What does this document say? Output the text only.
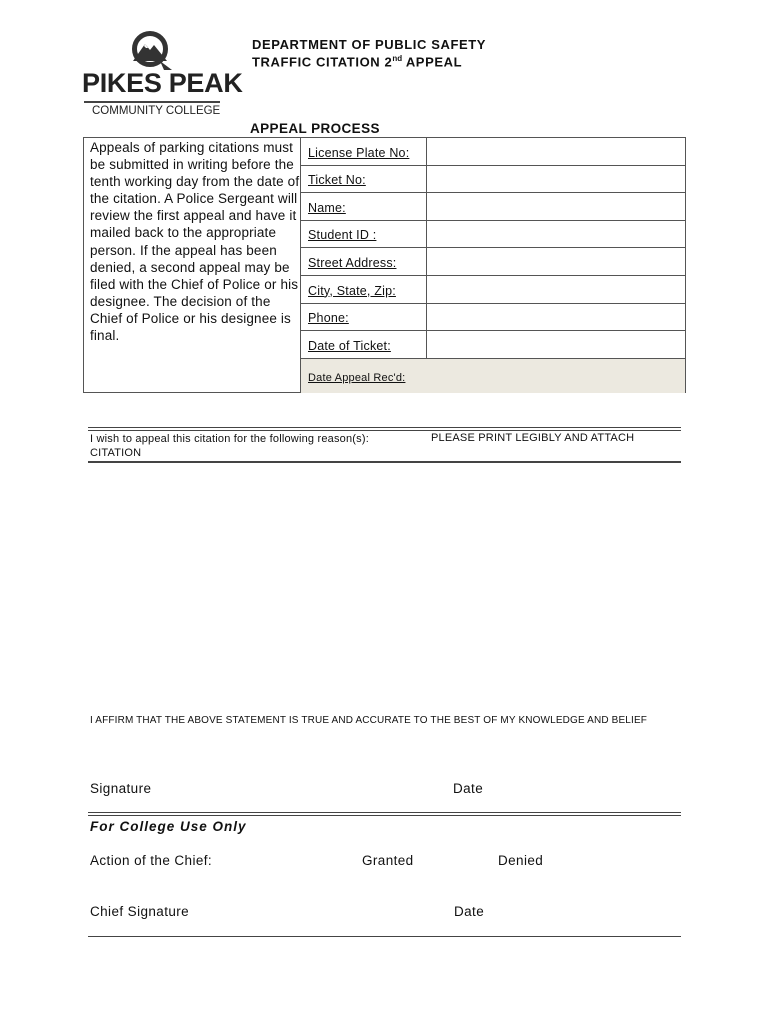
PIKES PEAK
COMMUNITY COLLEGE
DEPARTMENT OF PUBLIC SAFETY
TRAFFIC CITATION 2nd APPEAL
APPEAL PROCESS
Appeals of parking citations must be submitted in writing before the tenth working day from the date of the citation. A Police Sergeant will review the first appeal and have it mailed back to the appropriate person. If the appeal has been denied, a second appeal may be filed with the Chief of Police or his designee. The decision of the Chief of Police or his designee is final.
License Plate No:
Ticket No:
Name:
Student ID :
Street Address:
City, State, Zip:
Phone:
Date of Ticket:
Date Appeal Rec'd:
I wish to appeal this citation for the following reason(s):
CITATION
PLEASE PRINT LEGIBLY AND ATTACH
I AFFIRM THAT THE ABOVE STATEMENT IS TRUE AND ACCURATE TO THE BEST OF MY KNOWLEDGE AND BELIEF
Signature	Date
For College Use Only
Action of the Chief:	Granted	Denied
Chief Signature	Date
